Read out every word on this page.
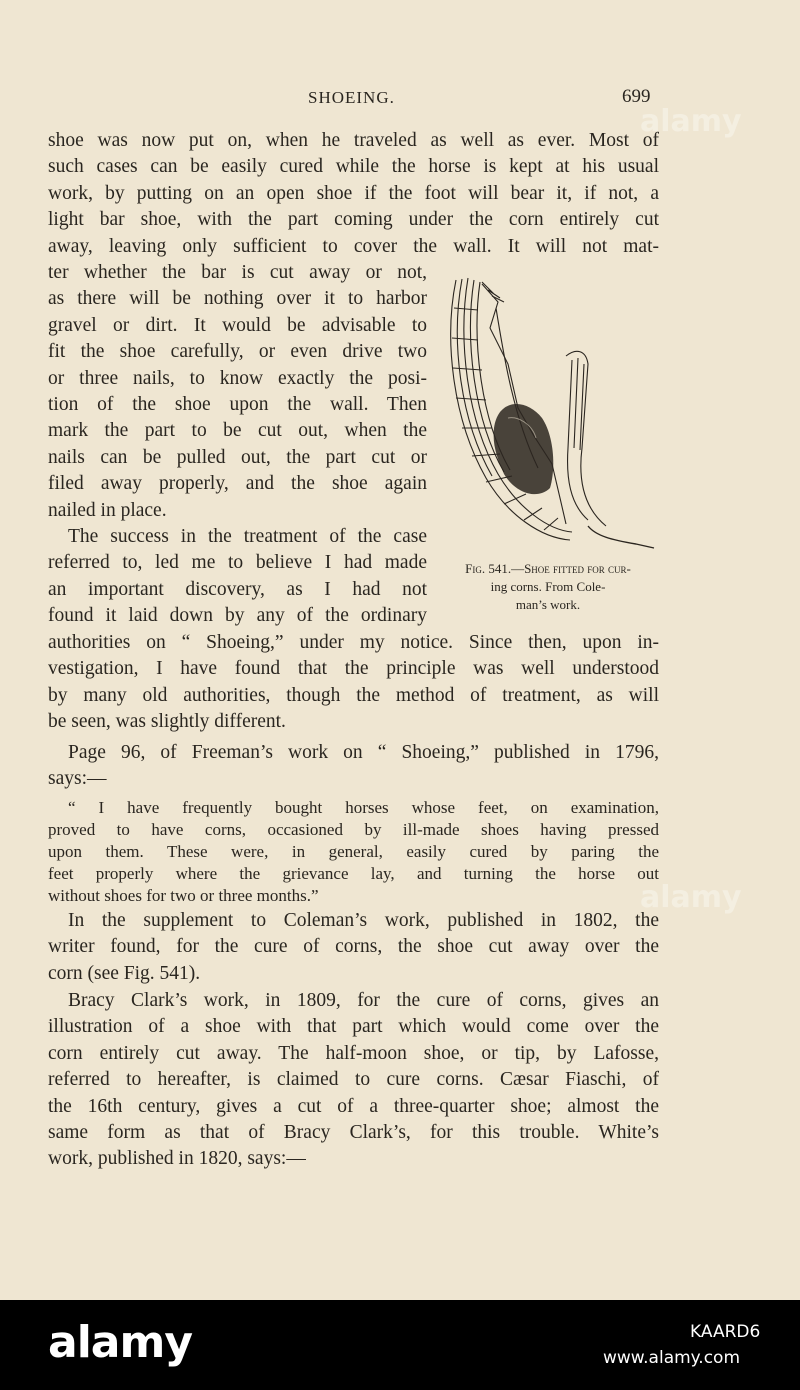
SHOEING.	699
shoe was now put on, when he traveled as well as ever. Most of
such cases can be easily cured while the horse is kept at his usual
work, by putting on an open shoe if the foot will bear it, if not, a
light bar shoe, with the part coming under the corn entirely cut
away, leaving only sufficient to cover the wall. It will not mat-
ter whether the bar is cut away or not,
as there will be nothing over it to harbor
gravel or dirt. It would be advisable to
fit the shoe carefully, or even drive two
or three nails, to know exactly the posi-
tion of the shoe upon the wall. Then
mark the part to be cut out, when the
nails can be pulled out, the part cut or
filed away properly, and the shoe again
nailed in place.
The success in the treatment of the case
referred to, led me to believe I had made
an important discovery, as I had not
found it laid down by any of the ordinary
authorities on “ Shoeing,” under my notice. Since then, upon in-
vestigation, I have found that the principle was well understood
by many old authorities, though the method of treatment, as will
be seen, was slightly different.
Page 96, of Freeman’s work on “ Shoeing,” published in 1796,
says:—
“ I have frequently bought horses whose feet, on examination,
proved to have corns, occasioned by ill-made shoes having pressed
upon them. These were, in general, easily cured by paring the
feet properly where the grievance lay, and turning the horse out
without shoes for two or three months.”
In the supplement to Coleman’s work, published in 1802, the
writer found, for the cure of corns, the shoe cut away over the
corn (see Fig. 541).
Bracy Clark’s work, in 1809, for the cure of corns, gives an
illustration of a shoe with that part which would come over the
corn entirely cut away. The half-moon shoe, or tip, by Lafosse,
referred to hereafter, is claimed to cure corns. Cæsar Fiaschi, of
the 16th century, gives a cut of a three-quarter shoe; almost the
same form as that of Bracy Clark’s, for this trouble. White’s
work, published in 1820, says:—
Fig. 541.—Shoe fitted for cur-
ing corns. From Cole-
man’s work.
alamy
alamy
alamy	KAARD6
www.alamy.com
